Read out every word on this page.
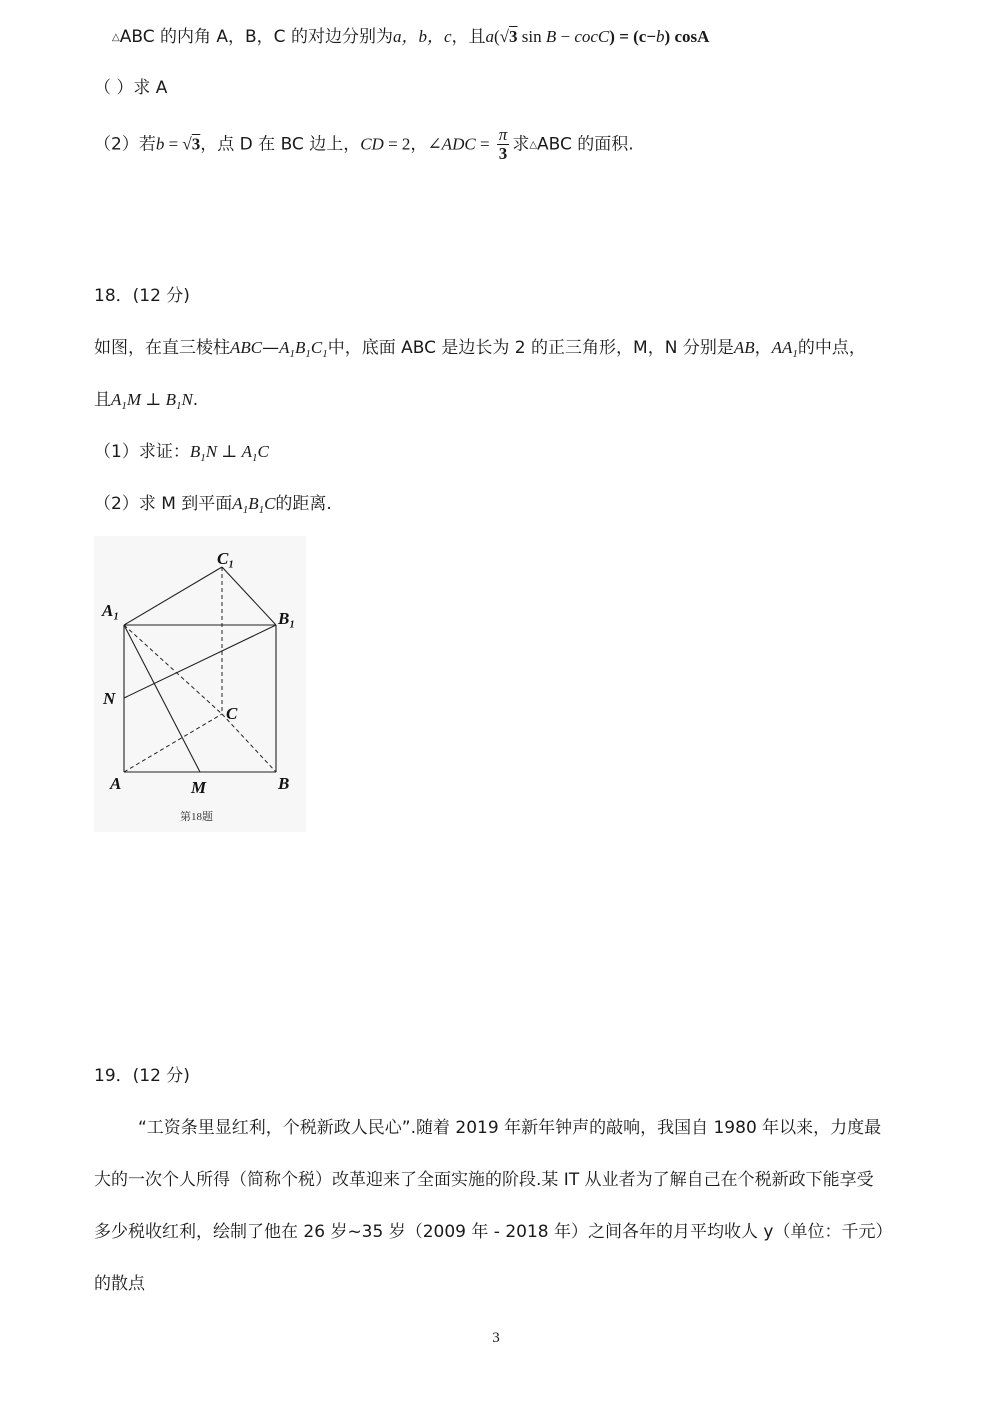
△ABC 的内角 A，B，C 的对边分别为a，b，c，且a(√3 sin B − cocC) = (c−b) cosA
（ ）求 A
（2）若b = √3，点 D 在 BC 边上，CD = 2，∠ADC = $\frac{\pi}{3}$ 求△ABC 的面积.
18．(12 分)
如图，在直三棱柱$ABC—A_1B_1C_1$中，底面 ABC 是边长为 2 的正三角形，M，N 分别是AB，$AA_1$的中点，
且$A_1M$ ⊥ $B_1N$.
（1）求证：$B_1N$ ⊥ $A_1C$
（2）求 M 到平面$A_1B_1C$的距离.
C₁
A₁	B₁
N
C
A	M	B
第18题
19．(12 分)
“工资条里显红利，个税新政人民心”.随着 2019 年新年钟声的敲响，我国自 1980 年以来，力度最
大的一次个人所得（简称个税）改革迎来了全面实施的阶段.某 IT 从业者为了解自己在个税新政下能享受
多少税收红利，绘制了他在 26 岁~35 岁（2009 年 - 2018 年）之间各年的月平均收人 y（单位：千元）
的散点
3
